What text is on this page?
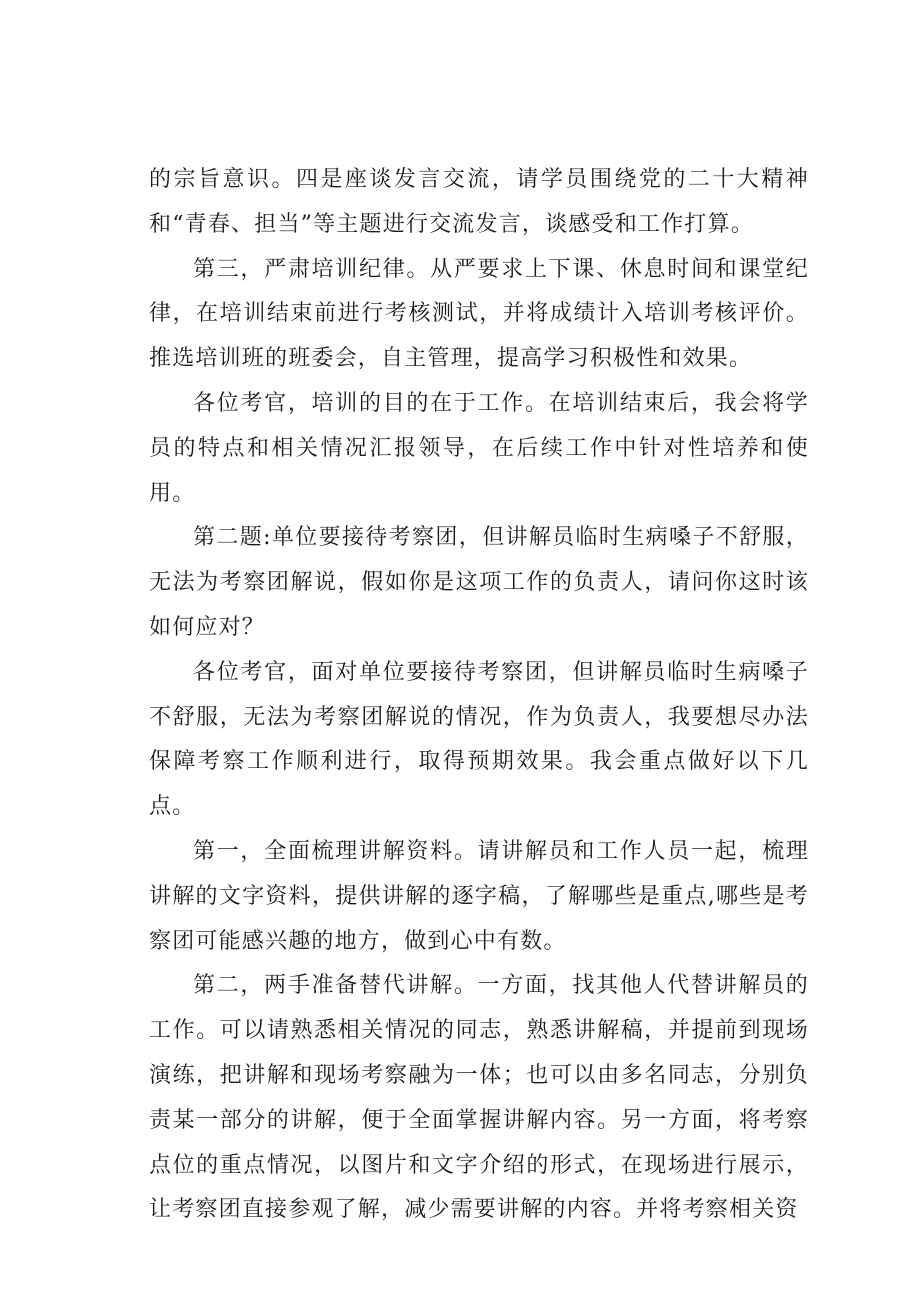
的宗旨意识。四是座谈发言交流，请学员围绕党的二十大精神和“青春、担当”等主题进行交流发言，谈感受和工作打算。

第三，严肃培训纪律。从严要求上下课、休息时间和课堂纪律，在培训结束前进行考核测试，并将成绩计入培训考核评价。推选培训班的班委会，自主管理，提高学习积极性和效果。

各位考官，培训的目的在于工作。在培训结束后，我会将学员的特点和相关情况汇报领导，在后续工作中针对性培养和使用。

第二题:单位要接待考察团，但讲解员临时生病嗓子不舒服，无法为考察团解说，假如你是这项工作的负责人，请问你这时该如何应对？

各位考官，面对单位要接待考察团，但讲解员临时生病嗓子不舒服，无法为考察团解说的情况，作为负责人，我要想尽办法保障考察工作顺利进行，取得预期效果。我会重点做好以下几点。

第一，全面梳理讲解资料。请讲解员和工作人员一起，梳理讲解的文字资料，提供讲解的逐字稿，了解哪些是重点,哪些是考察团可能感兴趣的地方，做到心中有数。

第二，两手准备替代讲解。一方面，找其他人代替讲解员的工作。可以请熟悉相关情况的同志，熟悉讲解稿，并提前到现场演练，把讲解和现场考察融为一体；也可以由多名同志，分别负责某一部分的讲解，便于全面掌握讲解内容。另一方面，将考察点位的重点情况，以图片和文字介绍的形式，在现场进行展示，让考察团直接参观了解，减少需要讲解的内容。并将考察相关资
